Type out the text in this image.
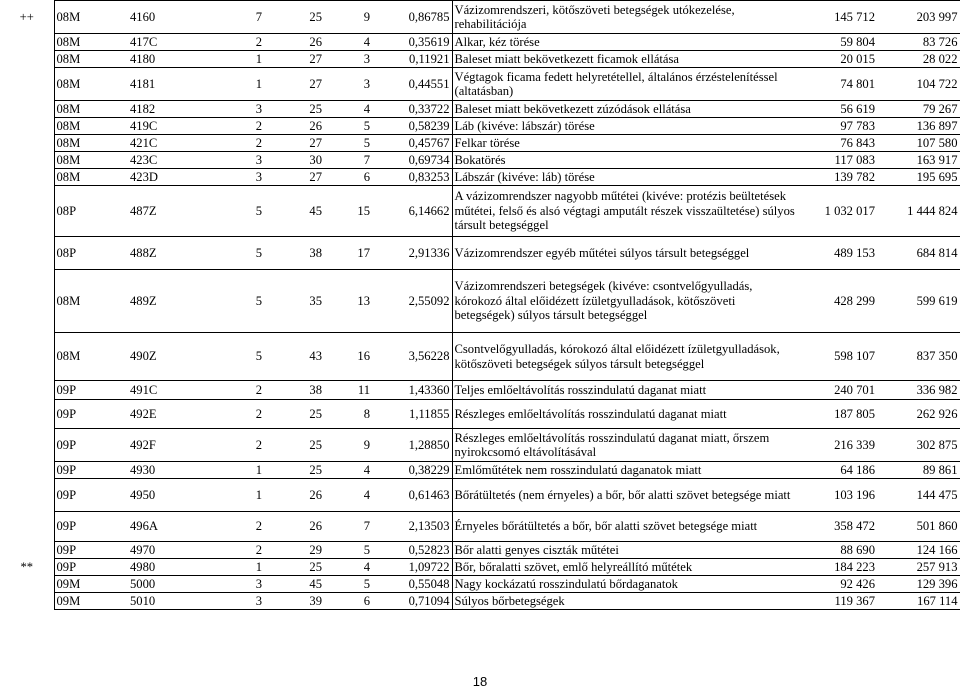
++	08M	4160	7	25	9	0,86785	Vázizomrendszeri, kötőszöveti betegségek utókezelése, rehabilitációja	145 712	203 997
	08M	417C	2	26	4	0,35619	Alkar, kéz törése	59 804	83 726
	08M	4180	1	27	3	0,11921	Baleset miatt bekövetkezett ficamok ellátása	20 015	28 022
	08M	4181	1	27	3	0,44551	Végtagok ficama fedett helyretétellel, általános érzéstelenítéssel (altatásban)	74 801	104 722
	08M	4182	3	25	4	0,33722	Baleset miatt bekövetkezett zúzódások ellátása	56 619	79 267
	08M	419C	2	26	5	0,58239	Láb (kivéve: lábszár) törése	97 783	136 897
	08M	421C	2	27	5	0,45767	Felkar törése	76 843	107 580
	08M	423C	3	30	7	0,69734	Bokatörés	117 083	163 917
	08M	423D	3	27	6	0,83253	Lábszár (kivéve: láb) törése	139 782	195 695
	08P	487Z	5	45	15	6,14662	A vázizomrendszer nagyobb műtétei (kivéve: protézis beültetések műtétei, felső és alsó végtagi amputált részek visszaültetése) súlyos társult betegséggel	1 032 017	1 444 824
	08P	488Z	5	38	17	2,91336	Vázizomrendszer egyéb műtétei súlyos társult betegséggel	489 153	684 814
	08M	489Z	5	35	13	2,55092	Vázizomrendszeri betegségek (kivéve: csontvelőgyulladás, kórokozó által előidézett ízületgyulladások, kötőszöveti betegségek) súlyos társult betegséggel	428 299	599 619
	08M	490Z	5	43	16	3,56228	Csontvelőgyulladás, kórokozó által előidézett ízületgyulladások, kötőszöveti betegségek súlyos társult betegséggel	598 107	837 350
	09P	491C	2	38	11	1,43360	Teljes emlőeltávolítás rosszindulatú daganat miatt	240 701	336 982
	09P	492E	2	25	8	1,11855	Részleges emlőeltávolítás rosszindulatú daganat miatt	187 805	262 926
	09P	492F	2	25	9	1,28850	Részleges emlőeltávolítás rosszindulatú daganat miatt, őrszem nyirokcsomó eltávolításával	216 339	302 875
	09P	4930	1	25	4	0,38229	Emlőműtétek nem rosszindulatú daganatok miatt	64 186	89 861
	09P	4950	1	26	4	0,61463	Bőrátültetés (nem érnyeles) a bőr, bőr alatti szövet betegsége miatt	103 196	144 475
	09P	496A	2	26	7	2,13503	Érnyeles bőrátültetés a bőr, bőr alatti szövet betegsége miatt	358 472	501 860
	09P	4970	2	29	5	0,52823	Bőr alatti genyes ciszták műtétei	88 690	124 166
**	09P	4980	1	25	4	1,09722	Bőr, bőralatti szövet, emlő helyreállító műtétek	184 223	257 913
	09M	5000	3	45	5	0,55048	Nagy kockázatú rosszindulatú bőrdaganatok	92 426	129 396
	09M	5010	3	39	6	0,71094	Súlyos bőrbetegségek	119 367	167 114
18
